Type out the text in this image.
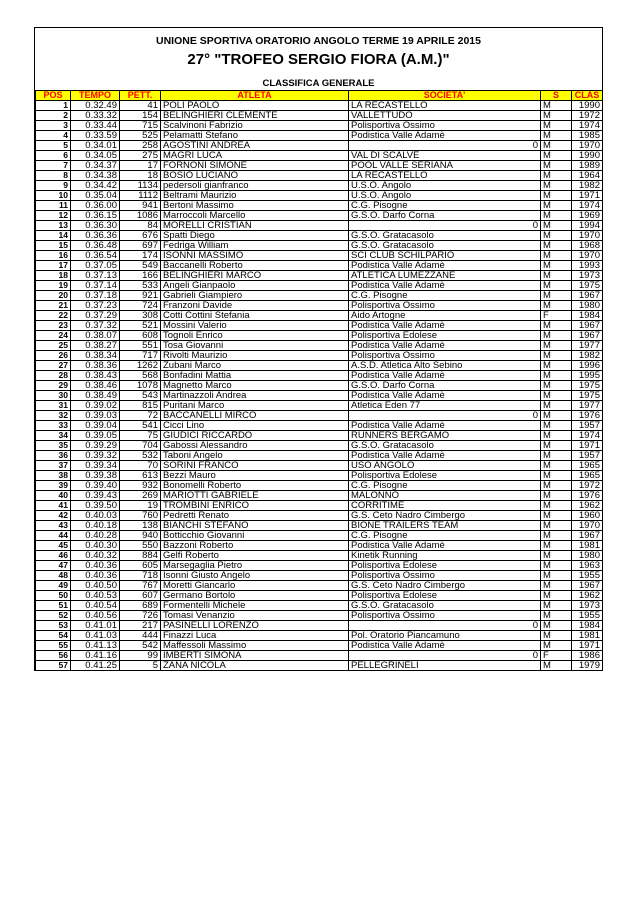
UNIONE SPORTIVA ORATORIO ANGOLO TERME 19 APRILE 2015
27° "TROFEO SERGIO FIORA (A.M.)"
CLASSIFICA GENERALE
POS	TEMPO	PETT.	ATLETA	SOCIETA'	S	CLAS
1	0.32.49	41	POLI PAOLO	LA RECASTELLO	M	1990
2	0.33.32	154	BELINGHIERI CLEMENTE	VALLETTUDO	M	1972
3	0.33.44	715	Scalvinoni Fabrizio	Polisportiva Ossimo	M	1974
4	0.33.59	525	Pelamatti Stefano	Podistica Valle Adamè	M	1985
5	0.34.01	258	AGOSTINI ANDREA	0	M	1970
6	0.34.05	275	MAGRI LUCA	VAL DI SCALVE	M	1990
7	0.34.37	17	FORNONI SIMONE	POOL VALLE SERIANA	M	1989
8	0.34.38	18	BOSIO LUCIANO	LA RECASTELLO	M	1964
9	0.34.42	1134	pedersoli gianfranco	U.S.O. Angolo	M	1982
10	0.35.04	1112	Beltrami Maurizio	U.S.O. Angolo	M	1971
11	0.36.00	941	Bertoni Massimo	C.G. Pisogne	M	1974
12	0.36.15	1086	Marroccoli Marcello	G.S.O. Darfo Corna	M	1969
13	0.36.30	84	MORELLI CRISTIAN	0	M	1994
14	0.36.36	676	Spatti Diego	G.S.O. Gratacasolo	M	1970
15	0.36.48	697	Fedriga William	G.S.O. Gratacasolo	M	1968
16	0.36.54	174	ISONNI MASSIMO	SCI CLUB SCHILPARIO	M	1970
17	0.37.05	549	Baccanelli Roberto	Podistica Valle Adamè	M	1993
18	0.37.13	166	BELINGHIERI MARCO	ATLETICA LUMEZZANE	M	1973
19	0.37.14	533	Angeli Gianpaolo	Podistica Valle Adamè	M	1975
20	0.37.18	921	Gabrieli Giampiero	C.G. Pisogne	M	1967
21	0.37.23	724	Franzoni Davide	Polisportiva Ossimo	M	1980
22	0.37.29	308	Cotti Cottini Stefania	Aido Artogne	F	1984
23	0.37.32	521	Mossini Valerio	Podistica Valle Adamè	M	1967
24	0.38.07	608	Tognoli Enrico	Polisportiva Edolese	M	1967
25	0.38.27	551	Tosa Giovanni	Podistica Valle Adamè	M	1977
26	0.38.34	717	Rivolti Maurizio	Polisportiva Ossimo	M	1982
27	0.38.36	1262	Zubani Marco	A.S.D. Atletica Alto Sebino	M	1996
28	0.38.43	568	Bonfadini Mattia	Podistica Valle Adamè	M	1995
29	0.38.46	1078	Magnetto Marco	G.S.O. Darfo Corna	M	1975
30	0.38.49	543	Martinazzoli Andrea	Podistica Valle Adamè	M	1975
31	0.39.02	815	Puritani Marco	Atletica Eden 77	M	1977
32	0.39.03	72	BACCANELLI MIRCO	0	M	1976
33	0.39.04	541	Cicci Lino	Podistica Valle Adamè	M	1957
34	0.39.05	75	GIUDICI RICCARDO	RUNNERS BERGAMO	M	1974
35	0.39.29	704	Gabossi Alessandro	G.S.O. Gratacasolo	M	1971
36	0.39.32	532	Taboni Angelo	Podistica Valle Adamè	M	1957
37	0.39.34	70	SORINI FRANCO	USO ANGOLO	M	1965
38	0.39.38	613	Bezzi Mauro	Polisportiva Edolese	M	1965
39	0.39.40	932	Bonomelli Roberto	C.G. Pisogne	M	1972
40	0.39.43	269	MARIOTTI GABRIELE	MALONNO	M	1976
41	0.39.50	19	TROMBINI ENRICO	CORRITIME	M	1962
42	0.40.03	760	Pedretti Renato	G.S. Ceto Nadro Cimbergo	M	1960
43	0.40.18	138	BIANCHI STEFANO	BIONE TRAILERS TEAM	M	1970
44	0.40.28	940	Botticchio Giovanni	C.G. Pisogne	M	1967
45	0.40.30	550	Bazzoni Roberto	Podistica Valle Adamè	M	1981
46	0.40.32	884	Gelfi Roberto	Kinetik Running	M	1980
47	0.40.36	605	Marsegaglia Pietro	Polisportiva Edolese	M	1963
48	0.40.36	718	Isonni Giusto Angelo	Polisportiva Ossimo	M	1955
49	0.40.50	767	Moretti Giancarlo	G.S. Ceto Nadro Cimbergo	M	1967
50	0.40.53	607	Germano Bortolo	Polisportiva Edolese	M	1962
51	0.40.54	689	Formentelli Michele	G.S.O. Gratacasolo	M	1973
52	0.40.56	726	Tomasi Venanzio	Polisportiva Ossimo	M	1955
53	0.41.01	217	PASINELLI LORENZO	0	M	1984
54	0.41.03	444	Finazzi Luca	Pol. Oratorio Piancamuno	M	1981
55	0.41.13	542	Maffessoli Massimo	Podistica Valle Adamè	M	1971
56	0.41.16	99	IMBERTI SIMONA	0	F	1986
57	0.41.25	5	ZANA NICOLA	PELLEGRINELI	M	1979
